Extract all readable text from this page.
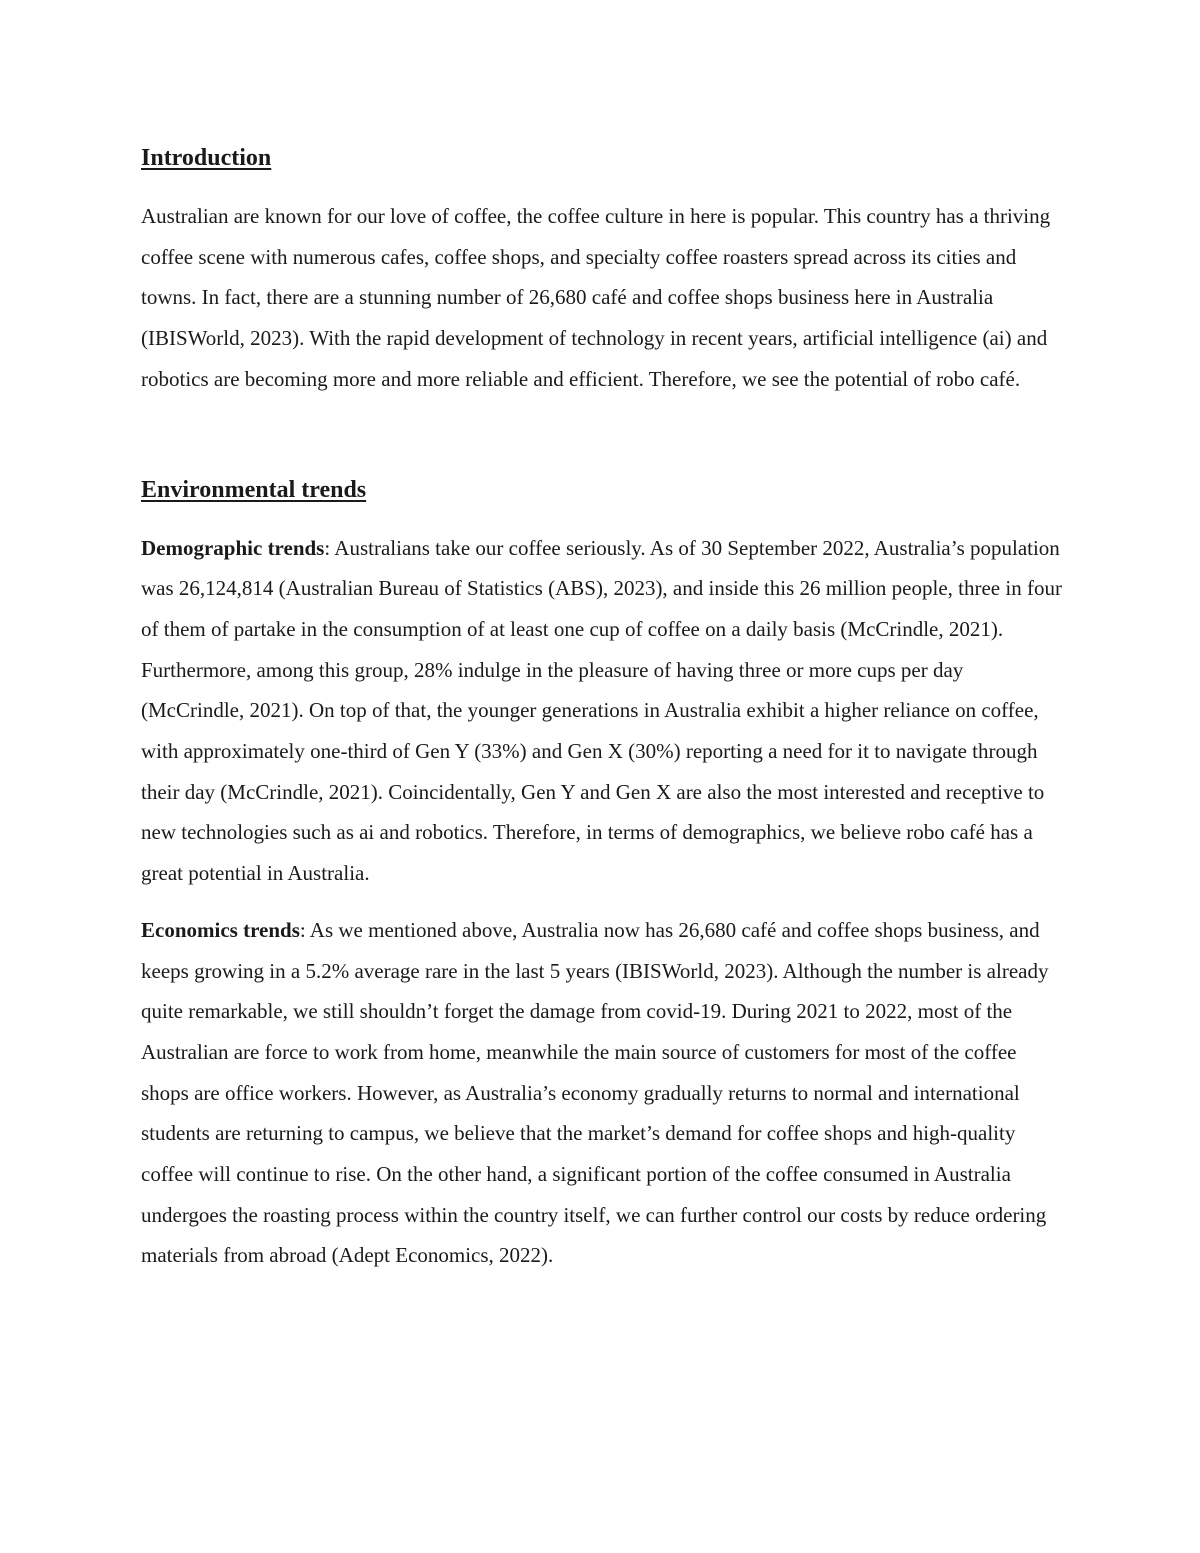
Introduction

Australian are known for our love of coffee, the coffee culture in here is popular. This country has a thriving coffee scene with numerous cafes, coffee shops, and specialty coffee roasters spread across its cities and towns. In fact, there are a stunning number of 26,680 café and coffee shops business here in Australia (IBISWorld, 2023). With the rapid development of technology in recent years, artificial intelligence (ai) and robotics are becoming more and more reliable and efficient. Therefore, we see the potential of robo café.

Environmental trends

Demographic trends: Australians take our coffee seriously. As of 30 September 2022, Australia’s population was 26,124,814 (Australian Bureau of Statistics (ABS), 2023), and inside this 26 million people, three in four of them of partake in the consumption of at least one cup of coffee on a daily basis (McCrindle, 2021). Furthermore, among this group, 28% indulge in the pleasure of having three or more cups per day (McCrindle, 2021). On top of that, the younger generations in Australia exhibit a higher reliance on coffee, with approximately one-third of Gen Y (33%) and Gen X (30%) reporting a need for it to navigate through their day (McCrindle, 2021). Coincidentally, Gen Y and Gen X are also the most interested and receptive to new technologies such as ai and robotics. Therefore, in terms of demographics, we believe robo café has a great potential in Australia.

Economics trends: As we mentioned above, Australia now has 26,680 café and coffee shops business, and keeps growing in a 5.2% average rare in the last 5 years (IBISWorld, 2023). Although the number is already quite remarkable, we still shouldn’t forget the damage from covid-19. During 2021 to 2022, most of the Australian are force to work from home, meanwhile the main source of customers for most of the coffee shops are office workers. However, as Australia’s economy gradually returns to normal and international students are returning to campus, we believe that the market’s demand for coffee shops and high-quality coffee will continue to rise. On the other hand, a significant portion of the coffee consumed in Australia undergoes the roasting process within the country itself, we can further control our costs by reduce ordering materials from abroad (Adept Economics, 2022).
